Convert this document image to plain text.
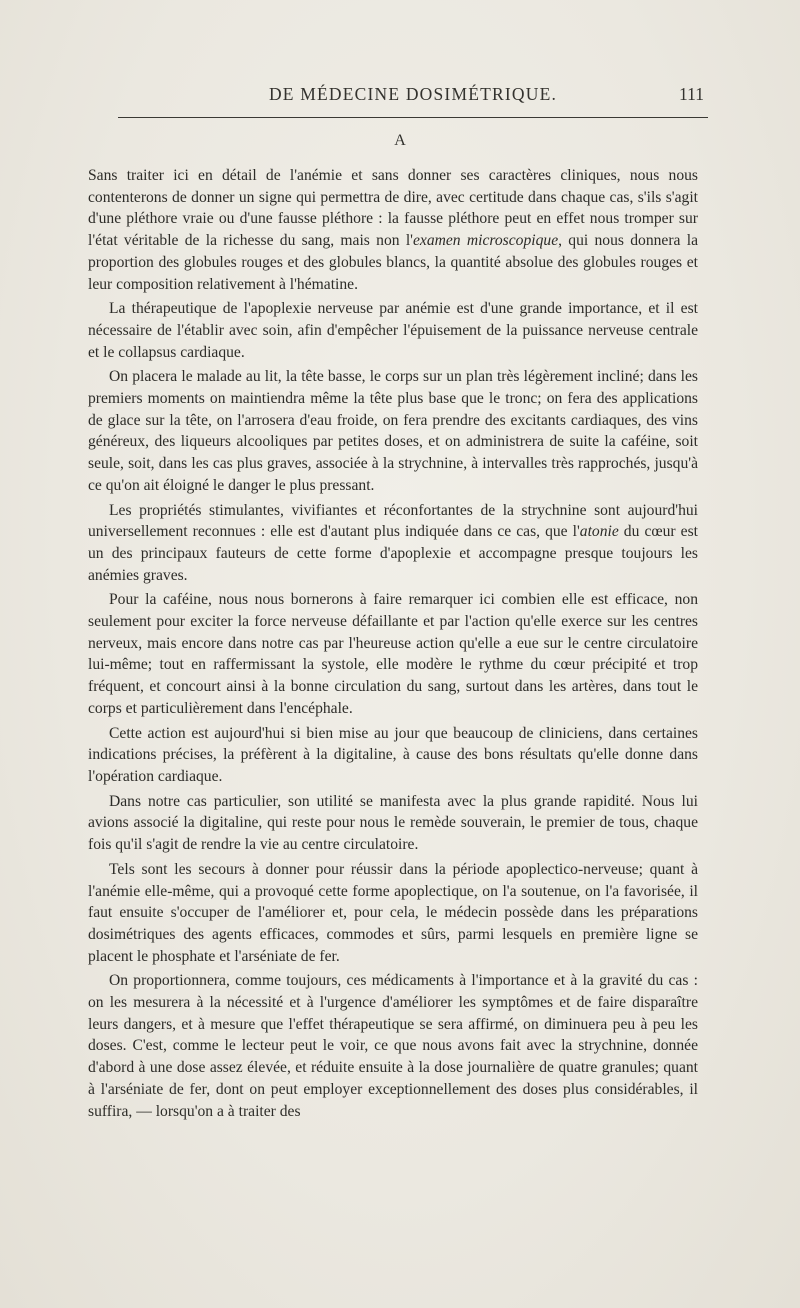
DE MÉDECINE DOSIMÉTRIQUE.	111
A

Sans traiter ici en détail de l'anémie et sans donner ses caractères cliniques, nous nous contenterons de donner un signe qui permettra de dire, avec certitude dans chaque cas, s'ils s'agit d'une pléthore vraie ou d'une fausse pléthore : la fausse pléthore peut en effet nous tromper sur l'état véritable de la richesse du sang, mais non l'examen microscopique, qui nous donnera la proportion des globules rouges et des globules blancs, la quantité absolue des globules rouges et leur composition relativement à l'hématine.

La thérapeutique de l'apoplexie nerveuse par anémie est d'une grande importance, et il est nécessaire de l'établir avec soin, afin d'empêcher l'épuisement de la puissance nerveuse centrale et le collapsus cardiaque.

On placera le malade au lit, la tête basse, le corps sur un plan très légèrement incliné; dans les premiers moments on maintiendra même la tête plus base que le tronc; on fera des applications de glace sur la tête, on l'arrosera d'eau froide, on fera prendre des excitants cardiaques, des vins généreux, des liqueurs alcooliques par petites doses, et on administrera de suite la caféine, soit seule, soit, dans les cas plus graves, associée à la strychnine, à intervalles très rapprochés, jusqu'à ce qu'on ait éloigné le danger le plus pressant.

Les propriétés stimulantes, vivifiantes et réconfortantes de la strychnine sont aujourd'hui universellement reconnues : elle est d'autant plus indiquée dans ce cas, que l'atonie du cœur est un des principaux fauteurs de cette forme d'apoplexie et accompagne presque toujours les anémies graves.

Pour la caféine, nous nous bornerons à faire remarquer ici combien elle est efficace, non seulement pour exciter la force nerveuse défaillante et par l'action qu'elle exerce sur les centres nerveux, mais encore dans notre cas par l'heureuse action qu'elle a eue sur le centre circulatoire lui-même; tout en raffermissant la systole, elle modère le rythme du cœur précipité et trop fréquent, et concourt ainsi à la bonne circulation du sang, surtout dans les artères, dans tout le corps et particulièrement dans l'encéphale.

Cette action est aujourd'hui si bien mise au jour que beaucoup de cliniciens, dans certaines indications précises, la préfèrent à la digitaline, à cause des bons résultats qu'elle donne dans l'opération cardiaque.

Dans notre cas particulier, son utilité se manifesta avec la plus grande rapidité. Nous lui avions associé la digitaline, qui reste pour nous le remède souverain, le premier de tous, chaque fois qu'il s'agit de rendre la vie au centre circulatoire.

Tels sont les secours à donner pour réussir dans la période apoplectico-nerveuse; quant à l'anémie elle-même, qui a provoqué cette forme apoplectique, on l'a soutenue, on l'a favorisée, il faut ensuite s'occuper de l'améliorer et, pour cela, le médecin possède dans les préparations dosimétriques des agents efficaces, commodes et sûrs, parmi lesquels en première ligne se placent le phosphate et l'arséniate de fer.

On proportionnera, comme toujours, ces médicaments à l'importance et à la gravité du cas : on les mesurera à la nécessité et à l'urgence d'améliorer les symptômes et de faire disparaître leurs dangers, et à mesure que l'effet thérapeutique se sera affirmé, on diminuera peu à peu les doses. C'est, comme le lecteur peut le voir, ce que nous avons fait avec la strychnine, donnée d'abord à une dose assez élevée, et réduite ensuite à la dose journalière de quatre granules; quant à l'arséniate de fer, dont on peut employer exceptionnellement des doses plus considérables, il suffira, — lorsqu'on a à traiter des
